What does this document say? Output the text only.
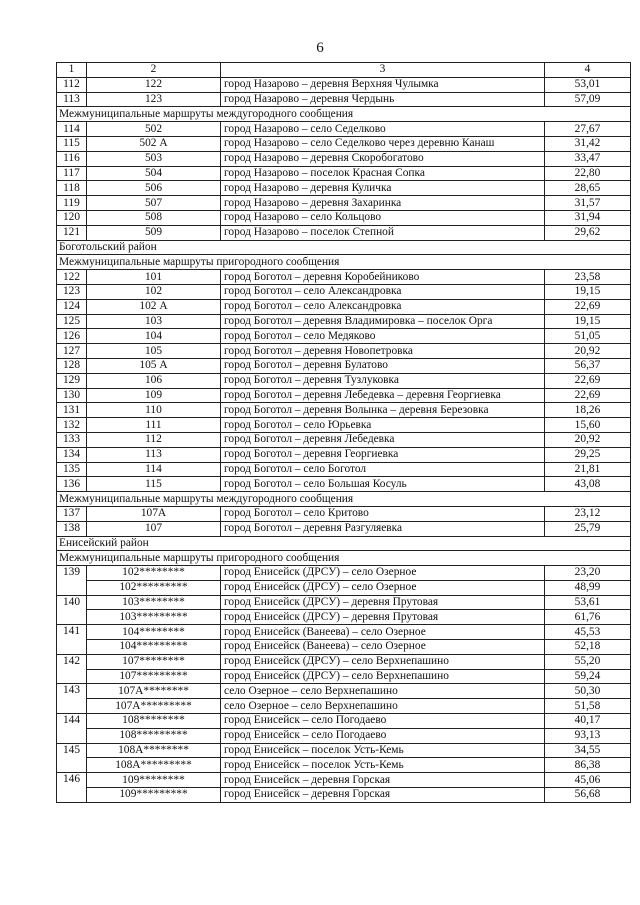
6
1	2	3	4
112	122	город Назарово – деревня Верхняя Чулымка	53,01
113	123	город Назарово – деревня Чердынь	57,09
Межмуниципальные маршруты междугородного сообщения			
114	502	город Назарово – село Седелково	27,67
115	502 А	город Назарово – село Седелково через деревню Канаш	31,42
116	503	город Назарово – деревня Скоробогатово	33,47
117	504	город Назарово – поселок Красная Сопка	22,80
118	506	город Назарово – деревня Куличка	28,65
119	507	город Назарово – деревня Захаринка	31,57
120	508	город Назарово – село Кольцово	31,94
121	509	город Назарово – поселок Степной	29,62
Боготольский район			
Межмуниципальные маршруты пригородного сообщения			
122	101	город Боготол – деревня Коробейниково	23,58
123	102	город Боготол – село Александровка	19,15
124	102 А	город Боготол – село Александровка	22,69
125	103	город Боготол – деревня Владимировка – поселок Орга	19,15
126	104	город Боготол – село Медяково	51,05
127	105	город Боготол – деревня Новопетровка	20,92
128	105 А	город Боготол – деревня Булатово	56,37
129	106	город Боготол – деревня Тузлуковка	22,69
130	109	город Боготол – деревня Лебедевка – деревня Георгиевка	22,69
131	110	город Боготол – деревня Волынка – деревня Березовка	18,26
132	111	город Боготол – село Юрьевка	15,60
133	112	город Боготол – деревня Лебедевка	20,92
134	113	город Боготол – деревня Георгиевка	29,25
135	114	город Боготол – село Боготол	21,81
136	115	город Боготол – село Большая Косуль	43,08
Межмуниципальные маршруты междугородного сообщения			
137	107А	город Боготол – село Критово	23,12
138	107	город Боготол – деревня Разгуляевка	25,79
Енисейский район			
Межмуниципальные маршруты пригородного сообщения			
139	102********	город Енисейск (ДРСУ) – село Озерное	23,20
	102*********	город Енисейск (ДРСУ) – село Озерное	48,99
140	103********	город Енисейск (ДРСУ) – деревня Прутовая	53,61
	103*********	город Енисейск (ДРСУ) – деревня Прутовая	61,76
141	104********	город Енисейск (Ванеева) – село Озерное	45,53
	104*********	город Енисейск (Ванеева) – село Озерное	52,18
142	107********	город Енисейск (ДРСУ) – село Верхнепашино	55,20
	107*********	город Енисейск (ДРСУ) – село Верхнепашино	59,24
143	107А********	село Озерное – село Верхнепашино	50,30
	107А*********	село Озерное – село Верхнепашино	51,58
144	108********	город Енисейск – село Погодаево	40,17
	108*********	город Енисейск – село Погодаево	93,13
145	108А********	город Енисейск – поселок Усть-Кемь	34,55
	108А*********	город Енисейск – поселок Усть-Кемь	86,38
146	109********	город Енисейск – деревня Горская	45,06
	109*********	город Енисейск – деревня Горская	56,68
